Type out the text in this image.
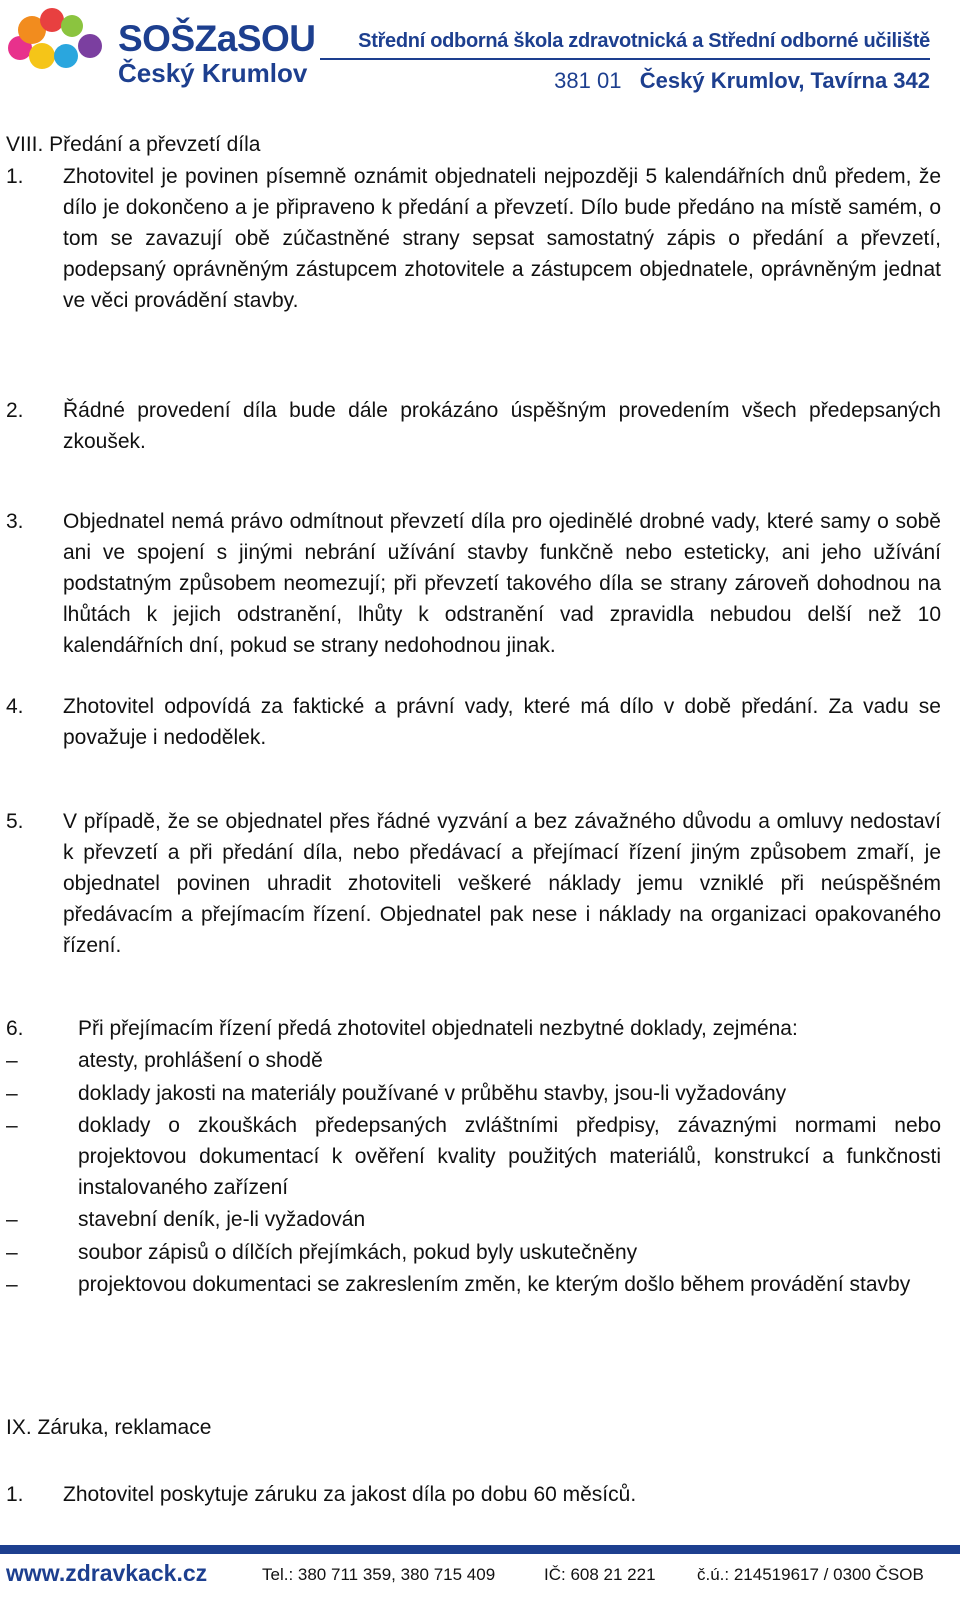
SOŠZaSOU
Český Krumlov
Střední odborná škola zdravotnická a Střední odborné učiliště
381 01 Český Krumlov, Tavírna 342
VIII. Předání a převzetí díla
1. Zhotovitel je povinen písemně oznámit objednateli nejpozději 5 kalendářních dnů předem, že dílo je dokončeno a je připraveno k předání a převzetí. Dílo bude předáno na místě samém, o tom se zavazují obě zúčastněné strany sepsat samostatný zápis o předání a převzetí, podepsaný oprávněným zástupcem zhotovitele a zástupcem objednatele, oprávněným jednat ve věci provádění stavby.
2. Řádné provedení díla bude dále prokázáno úspěšným provedením všech předepsaných zkoušek.
3. Objednatel nemá právo odmítnout převzetí díla pro ojedinělé drobné vady, které samy o sobě ani ve spojení s jinými nebrání užívání stavby funkčně nebo esteticky, ani jeho užívání podstatným způsobem neomezují; při převzetí takového díla se strany zároveň dohodnou na lhůtách k jejich odstranění, lhůty k odstranění vad zpravidla nebudou delší než 10 kalendářních dní, pokud se strany nedohodnou jinak.
4. Zhotovitel odpovídá za faktické a právní vady, které má dílo v době předání. Za vadu se považuje i nedodělek.
5. V případě, že se objednatel přes řádné vyzvání a bez závažného důvodu a omluvy nedostaví k převzetí a při předání díla, nebo předávací a přejímací řízení jiným způsobem zmaří, je objednatel povinen uhradit zhotoviteli veškeré náklady jemu vzniklé při neúspěšném předávacím a přejímacím řízení. Objednatel pak nese i náklady na organizaci opakovaného řízení.
6.	Při přejímacím řízení předá zhotovitel objednateli nezbytné doklady, zejména:
–	atesty, prohlášení o shodě
–	doklady jakosti na materiály používané v průběhu stavby, jsou-li vyžadovány
–	doklady o zkouškách předepsaných zvláštními předpisy, závaznými normami nebo projektovou dokumentací k ověření kvality použitých materiálů, konstrukcí a funkčnosti instalovaného zařízení
–	stavební deník, je-li vyžadován
–	soubor zápisů o dílčích přejímkách, pokud byly uskutečněny
–	projektovou dokumentaci se zakreslením změn, ke kterým došlo během provádění stavby
IX. Záruka, reklamace
1. Zhotovitel poskytuje záruku za jakost díla po dobu 60 měsíců.
www.zdravkack.cz	Tel.: 380 711 359, 380 715 409	IČ: 608 21 221 č.ú.: 214519617 / 0300 ČSOB
